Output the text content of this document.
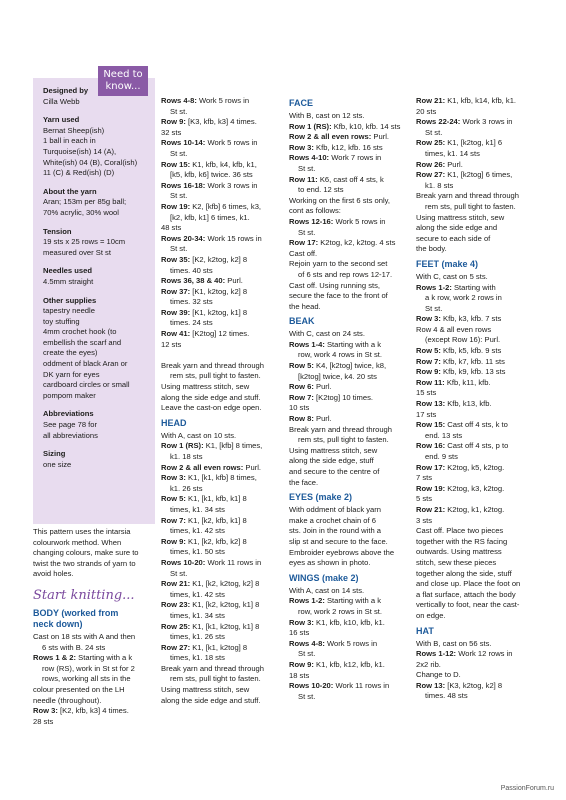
Need to know...

Designed by

Cilla Webb

Yarn used

Bernat Sheep(ish)

1 ball in each in

Turquoise(ish) 14 (A),

White(ish) 04 (B), Coral(ish)

11 (C) & Red(ish) (D)

About the yarn

Aran; 153m per 85g ball;

70% acrylic, 30% wool

Tension

19 sts x 25 rows = 10cm

measured over St st

Needles used

4.5mm straight

Other supplies

tapestry needle

toy stuffing

4mm crochet hook (to

embellish the scarf and

create the eyes)

oddment of black Aran or

DK yarn for eyes

cardboard circles or small

pompom maker

Abbreviations

See page 78 for

all abbreviations

Sizing

one size

This pattern uses the intarsia

colourwork method. When

changing colours, make sure to

twist the two strands of yarn to

avoid holes.

Start knitting...

BODY (worked from

neck down)

Cast on 18 sts with A and then

6 sts with B. 24 sts

Rows 1 & 2: Starting with a k

row (RS), work in St st for 2

rows, working all sts in the

colour presented on the LH

needle (throughout).

Row 3: [K2, kfb, k3] 4 times.

28 sts

Rows 4-8: Work 5 rows in

St st.

Row 9: [K3, kfb, k3] 4 times.

32 sts

Rows 10-14: Work 5 rows in

St st.

Row 15: K1, kfb, k4, kfb, k1,

[k5, kfb, k6] twice. 36 sts

Rows 16-18: Work 3 rows in

St st.

Row 19: K2, [kfb] 6 times, k3,

[k2, kfb, k1] 6 times, k1.

48 sts

Rows 20-34: Work 15 rows in

St st.

Row 35: [K2, k2tog, k2] 8

times. 40 sts

Rows 36, 38 & 40: Purl.

Row 37: [K1, k2tog, k2] 8

times. 32 sts

Row 39: [K1, k2tog, k1] 8

times. 24 sts

Row 41: [K2tog] 12 times.

12 sts

Break yarn and thread through

rem sts, pull tight to fasten.

Using mattress stitch, sew

along the side edge and stuff.

Leave the cast-on edge open.

HEAD

With A, cast on 10 sts.

Row 1 (RS): K1, [kfb] 8 times,

k1. 18 sts

Row 2 & all even rows: Purl.

Row 3: K1, [k1, kfb] 8 times,

k1. 26 sts

Row 5: K1, [k1, kfb, k1] 8

times, k1. 34 sts

Row 7: K1, [k2, kfb, k1] 8

times, k1. 42 sts

Row 9: K1, [k2, kfb, k2] 8

times, k1. 50 sts

Rows 10-20: Work 11 rows in

St st.

Row 21: K1, [k2, k2tog, k2] 8

times, k1. 42 sts

Row 23: K1, [k2, k2tog, k1] 8

times, k1. 34 sts

Row 25: K1, [k1, k2tog, k1] 8

times, k1. 26 sts

Row 27: K1, [k1, k2tog] 8

times, k1. 18 sts

Break yarn and thread through

rem sts, pull tight to fasten.

Using mattress stitch, sew

along the side edge and stuff.

FACE

With B, cast on 12 sts.

Row 1 (RS): Kfb, k10, kfb. 14 sts

Row 2 & all even rows: Purl.

Row 3: Kfb, k12, kfb. 16 sts

Rows 4-10: Work 7 rows in

St st.

Row 11: K6, cast off 4 sts, k

to end. 12 sts

Working on the first 6 sts only,

cont as follows:

Rows 12-16: Work 5 rows in

St st.

Row 17: K2tog, k2, k2tog. 4 sts

Cast off.

Rejoin yarn to the second set

of 6 sts and rep rows 12-17.

Cast off. Using running sts,

secure the face to the front of

the head.

BEAK

With C, cast on 24 sts.

Rows 1-4: Starting with a k

row, work 4 rows in St st.

Row 5: K4, [k2tog] twice, k8,

[k2tog] twice, k4. 20 sts

Row 6: Purl.

Row 7: [K2tog] 10 times.

10 sts

Row 8: Purl.

Break yarn and thread through

rem sts, pull tight to fasten.

Using mattress stitch, sew

along the side edge, stuff

and secure to the centre of

the face.

EYES (make 2)

With oddment of black yarn

make a crochet chain of 6

sts. Join in the round with a

slip st and secure to the face.

Embroider eyebrows above the

eyes as shown in photo.

WINGS (make 2)

With A, cast on 14 sts.

Rows 1-2: Starting with a k

row, work 2 rows in St st.

Row 3: K1, kfb, k10, kfb, k1.

16 sts

Rows 4-8: Work 5 rows in

St st.

Row 9: K1, kfb, k12, kfb, k1.

18 sts

Rows 10-20: Work 11 rows in

St st.

Row 21: K1, kfb, k14, kfb, k1.

20 sts

Rows 22-24: Work 3 rows in

St st.

Row 25: K1, [k2tog, k1] 6

times, k1. 14 sts

Row 26: Purl.

Row 27: K1, [k2tog] 6 times,

k1. 8 sts

Break yarn and thread through

rem sts, pull tight to fasten.

Using mattress stitch, sew

along the side edge and

secure to each side of

the body.

FEET (make 4)

With C, cast on 5 sts.

Rows 1-2: Starting with

a k row, work 2 rows in

St st.

Row 3: Kfb, k3, kfb. 7 sts

Row 4 & all even rows

(except Row 16): Purl.

Row 5: Kfb, k5, kfb. 9 sts

Row 7: Kfb, k7, kfb. 11 sts

Row 9: Kfb, k9, kfb. 13 sts

Row 11: Kfb, k11, kfb.

15 sts

Row 13: Kfb, k13, kfb.

17 sts

Row 15: Cast off 4 sts, k to

end. 13 sts

Row 16: Cast off 4 sts, p to

end. 9 sts

Row 17: K2tog, k5, k2tog.

7 sts

Row 19: K2tog, k3, k2tog.

5 sts

Row 21: K2tog, k1, k2tog.

3 sts

Cast off. Place two pieces

together with the RS facing

outwards. Using mattress

stitch, sew these pieces

together along the side, stuff

and close up. Place the foot on

a flat surface, attach the body

vertically to foot, near the cast-

on edge.

HAT

With B, cast on 56 sts.

Rows 1-12: Work 12 rows in

2x2 rib.

Change to D.

Row 13: [K3, k2tog, k2] 8

times. 48 sts

PassionForum.ru
